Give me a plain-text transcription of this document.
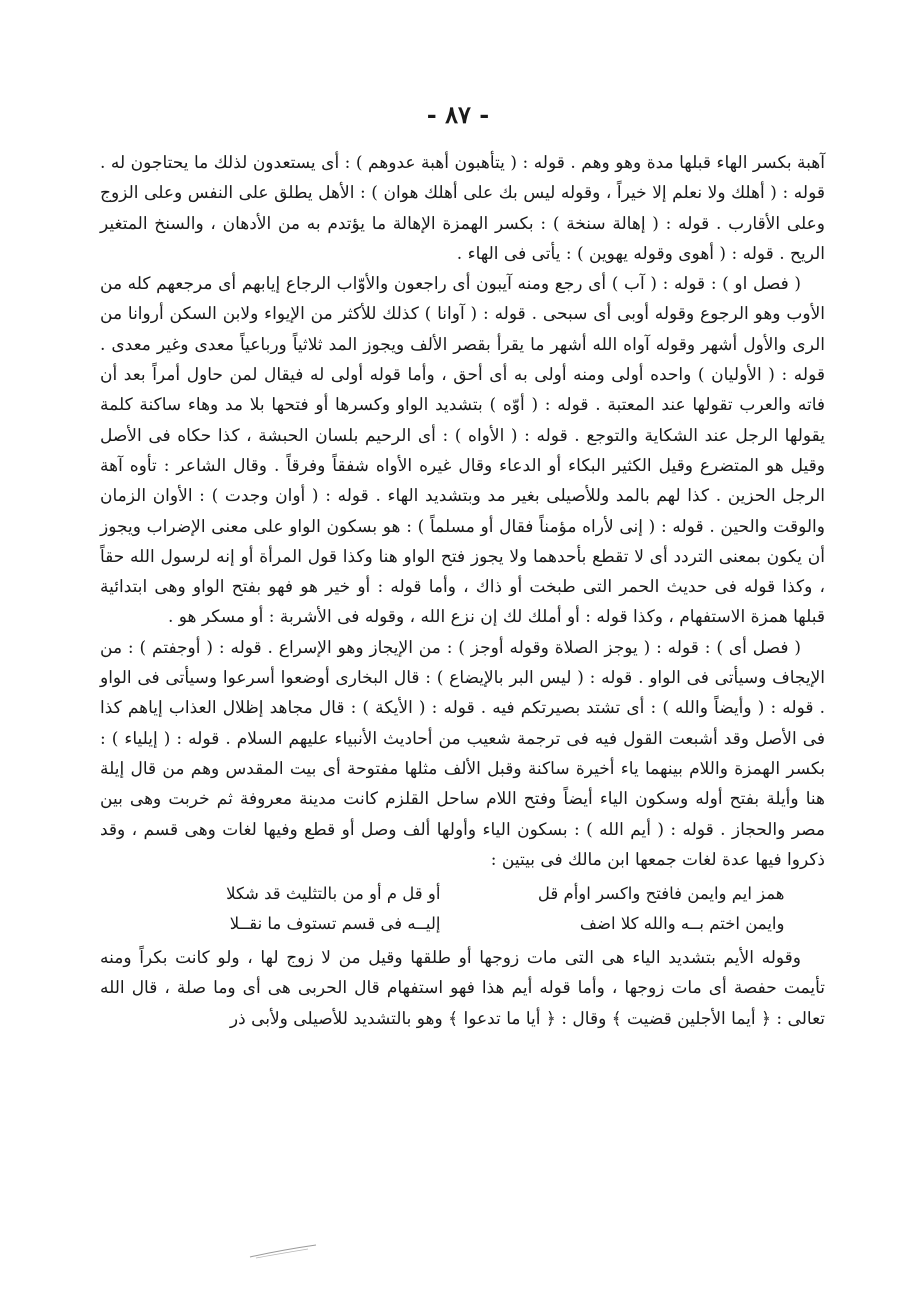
- ٨٧ -

آهبة بكسر الهاء قبلها مدة وهو وهم . قوله : ( يتأهبون أهبة عدوهم ) : أى يستعدون لذلك ما يحتاجون له . قوله : ( أهلك ولا نعلم إلا خيراً ، وقوله ليس بك على أهلك هوان ) : الأهل يطلق على النفس وعلى الزوج وعلى الأقارب . قوله : ( إهالة سنخة ) : بكسر الهمزة الإهالة ما يؤتدم به من الأدهان ، والسنخ المتغير الريح . قوله : ( أهوى وقوله يهوين ) : يأتى فى الهاء .

( فصل او ) : قوله : ( آب ) أى رجع ومنه آيبون أى راجعون والأوّاب الرجاع إيابهم أى مرجعهم كله من الأوب وهو الرجوع وقوله أوبى أى سبحى . قوله : ( آوانا ) كذلك للأكثر من الإيواء ولابن السكن أروانا من الرى والأول أشهر وقوله آواه الله أشهر ما يقرأ بقصر الألف ويجوز المد ثلاثياً ورباعياً معدى وغير معدى . قوله : ( الأوليان ) واحده أولى ومنه أولى به أى أحق ، وأما قوله أولى له فيقال لمن حاول أمراً بعد أن فاته والعرب تقولها عند المعتبة . قوله : ( أوّه ) بتشديد الواو وكسرها أو فتحها بلا مد وهاء ساكنة كلمة يقولها الرجل عند الشكاية والتوجع . قوله : ( الأواه ) : أى الرحيم بلسان الحبشة ، كذا حكاه فى الأصل وقيل هو المتضرع وقيل الكثير البكاء أو الدعاء وقال غيره الأواه شفقاً وفرقاً . وقال الشاعر : تأوه آهة الرجل الحزين . كذا لهم بالمد وللأصيلى بغير مد وبتشديد الهاء . قوله : ( أوان وجدت ) : الأوان الزمان والوقت والحين . قوله : ( إنى لأراه مؤمناً فقال أو مسلماً ) : هو بسكون الواو على معنى الإضراب ويجوز أن يكون بمعنى التردد أى لا تقطع بأحدهما ولا يجوز فتح الواو هنا وكذا قول المرأة أو إنه لرسول الله حقاً ، وكذا قوله فى حديث الحمر التى طبخت أو ذاك ، وأما قوله : أو خير هو فهو بفتح الواو وهى ابتدائية قبلها همزة الاستفهام ، وكذا قوله : أو أملك لك إن نزع الله ، وقوله فى الأشربة : أو مسكر هو .

( فصل أى ) : قوله : ( يوجز الصلاة وقوله أوجز ) : من الإيجاز وهو الإسراع . قوله : ( أوجفتم ) : من الإيجاف وسيأتى فى الواو . قوله : ( ليس البر بالإيضاع ) : قال البخارى أوضعوا أسرعوا وسيأتى فى الواو . قوله : ( وأيضاً والله ) : أى تشتد بصيرتكم فيه . قوله : ( الأيكة ) : قال مجاهد إظلال العذاب إياهم كذا فى الأصل وقد أشبعت القول فيه فى ترجمة شعيب من أحاديث الأنبياء عليهم السلام . قوله : ( إيلياء ) : بكسر الهمزة واللام بينهما ياء أخيرة ساكنة وقبل الألف مثلها مفتوحة أى بيت المقدس وهم من قال إيلة هنا وأيلة بفتح أوله وسكون الياء أيضاً وفتح اللام ساحل القلزم كانت مدينة معروفة ثم خربت وهى بين مصر والحجاز . قوله : ( أيم الله ) : بسكون الياء وأولها ألف وصل أو قطع وفيها لغات وهى قسم ، وقد ذكروا فيها عدة لغات جمعها ابن مالك فى بيتين :

همز ايم وايمن فافتح واكسر اوأم قل
أو قل م أو من بالتثليث قد شكلا
وايمن اختم بــه والله كلا اضف
إليــه فى قسم تستوف ما نقــلا

وقوله الأيم بتشديد الياء هى التى مات زوجها أو طلقها وقيل من لا زوج لها ، ولو كانت بكراً ومنه تأيمت حفصة أى مات زوجها ، وأما قوله أيم هذا فهو استفهام قال الحربى هى أى وما صلة ، قال الله تعالى : ﴿ أيما الأجلين قضيت ﴾ وقال : ﴿ أيا ما تدعوا ﴾ وهو بالتشديد للأصيلى ولأبى ذر
